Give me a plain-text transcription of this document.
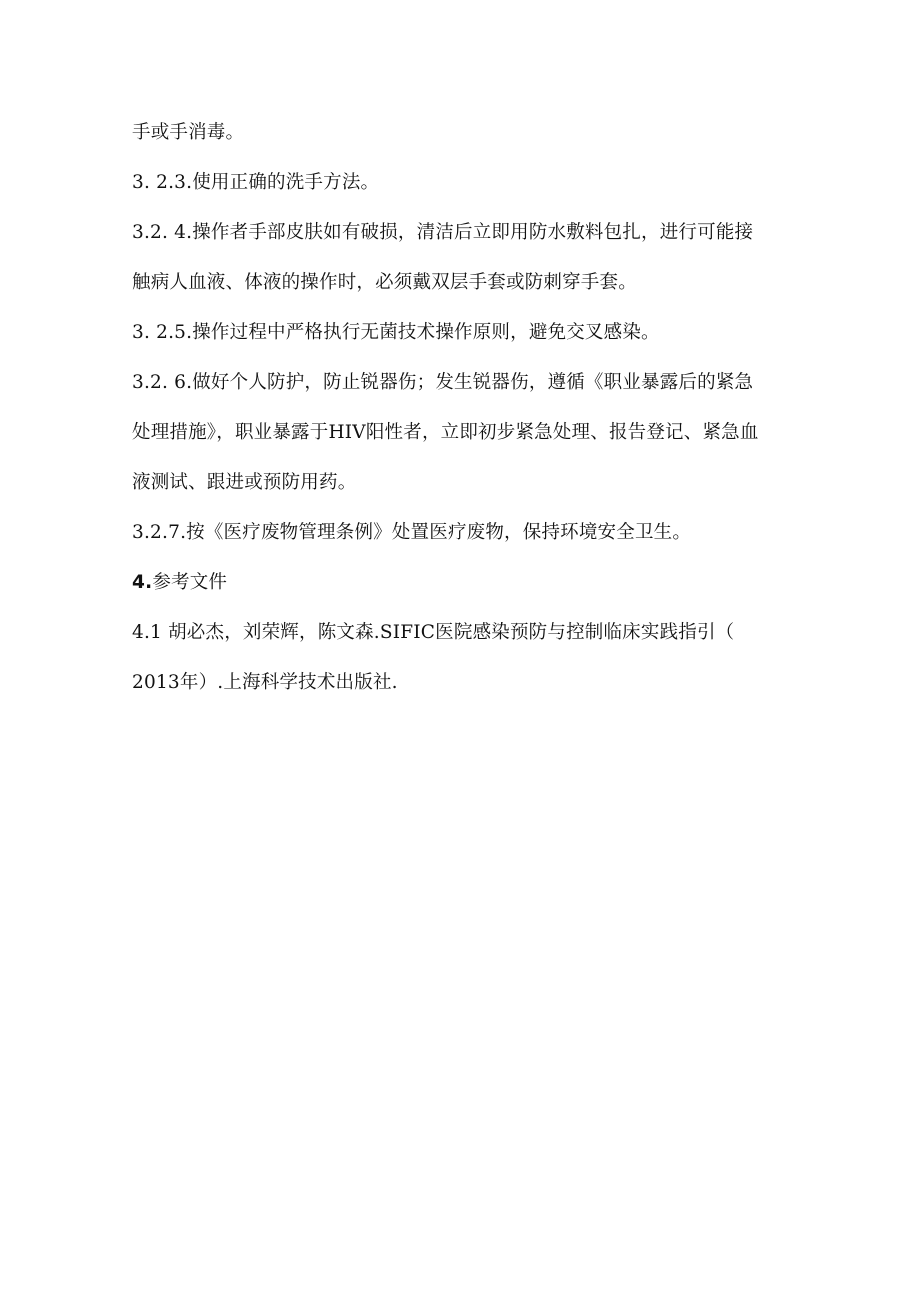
手或手消毒。
3. 2.3.使用正确的洗手方法。
3.2. 4.操作者手部皮肤如有破损，清洁后立即用防水敷料包扎，进行可能接
触病人血液、体液的操作时，必须戴双层手套或防刺穿手套。
3. 2.5.操作过程中严格执行无菌技术操作原则，避免交叉感染。
3.2. 6.做好个人防护，防止锐器伤；发生锐器伤，遵循《职业暴露后的紧急
处理措施》，职业暴露于HIV阳性者，立即初步紧急处理、报告登记、紧急血
液测试、跟进或预防用药。
3.2.7.按《医疗废物管理条例》处置医疗废物，保持环境安全卫生。
4.参考文件
4.1 胡必杰，刘荣辉，陈文森.SIFIC医院感染预防与控制临床实践指引（
2013年）.上海科学技术出版社.
